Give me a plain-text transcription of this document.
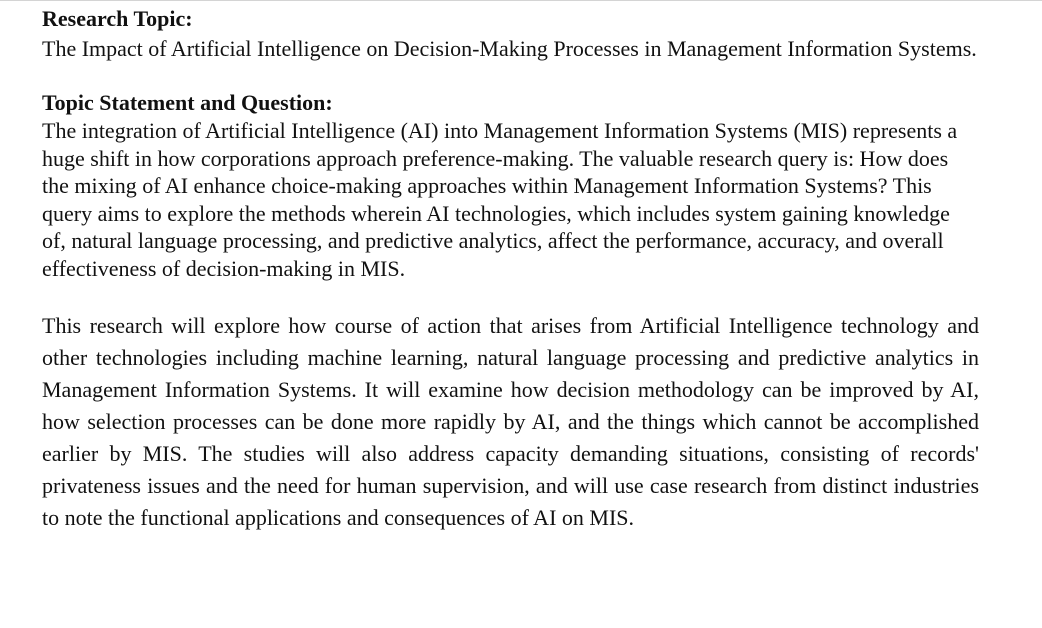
Research Topic:

The Impact of Artificial Intelligence on Decision-Making Processes in Management Information Systems.

Topic Statement and Question:

The integration of Artificial Intelligence (AI) into Management Information Systems (MIS) represents a huge shift in how corporations approach preference-making. The valuable research query is: How does the mixing of AI enhance choice-making approaches within Management Information Systems? This query aims to explore the methods wherein AI technologies, which includes system gaining knowledge of, natural language processing, and predictive analytics, affect the performance, accuracy, and overall effectiveness of decision-making in MIS.

This research will explore how course of action that arises from Artificial Intelligence technology and other technologies including machine learning, natural language processing and predictive analytics in Management Information Systems. It will examine how decision methodology can be improved by AI, how selection processes can be done more rapidly by AI, and the things which cannot be accomplished earlier by MIS. The studies will also address capacity demanding situations, consisting of records' privateness issues and the need for human supervision, and will use case research from distinct industries to note the functional applications and consequences of AI on MIS.
